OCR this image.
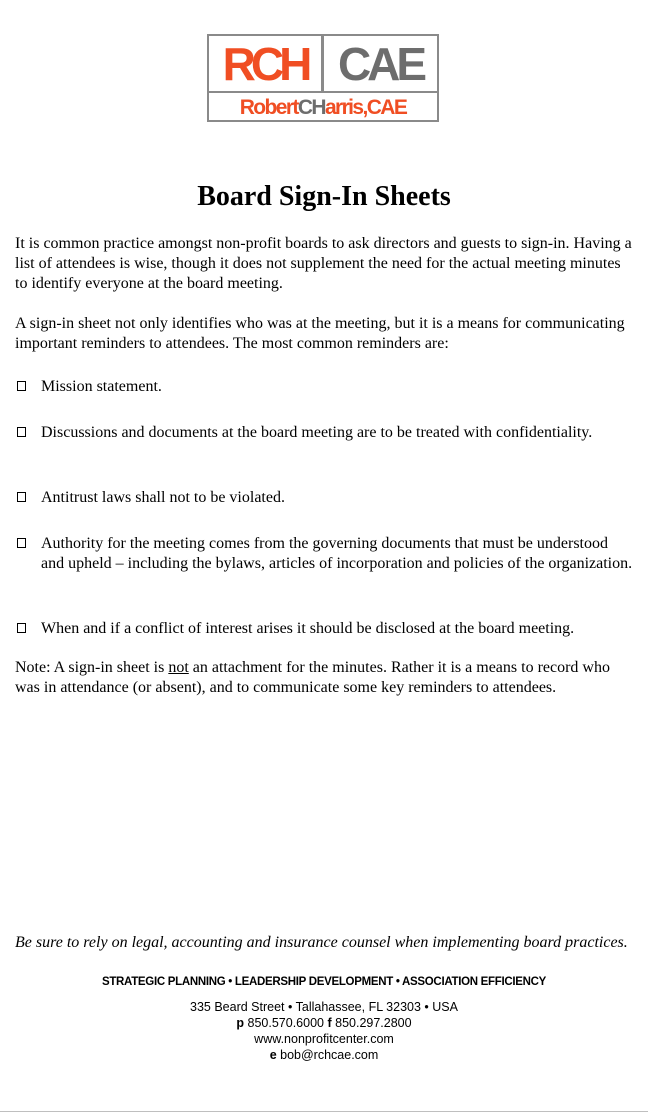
RCH CAE
Robert CH arris,CAE
Board Sign-In Sheets
It is common practice amongst non-profit boards to ask directors and guests to sign-in. Having a list of attendees is wise, though it does not supplement the need for the actual meeting minutes to identify everyone at the board meeting.
A sign-in sheet not only identifies who was at the meeting, but it is a means for communicating important reminders to attendees. The most common reminders are:
Mission statement.
Discussions and documents at the board meeting are to be treated with confidentiality.
Antitrust laws shall not to be violated.
Authority for the meeting comes from the governing documents that must be understood and upheld – including the bylaws, articles of incorporation and policies of the organization.
When and if a conflict of interest arises it should be disclosed at the board meeting.
Note: A sign-in sheet is not an attachment for the minutes. Rather it is a means to record who was in attendance (or absent), and to communicate some key reminders to attendees.
Be sure to rely on legal, accounting and insurance counsel when implementing board practices.
STRATEGIC PLANNING • LEADERSHIP DEVELOPMENT • ASSOCIATION EFFICIENCY
335 Beard Street • Tallahassee, FL 32303 • USA
p 850.570.6000 f 850.297.2800
www.nonprofitcenter.com
e bob@rchcae.com
